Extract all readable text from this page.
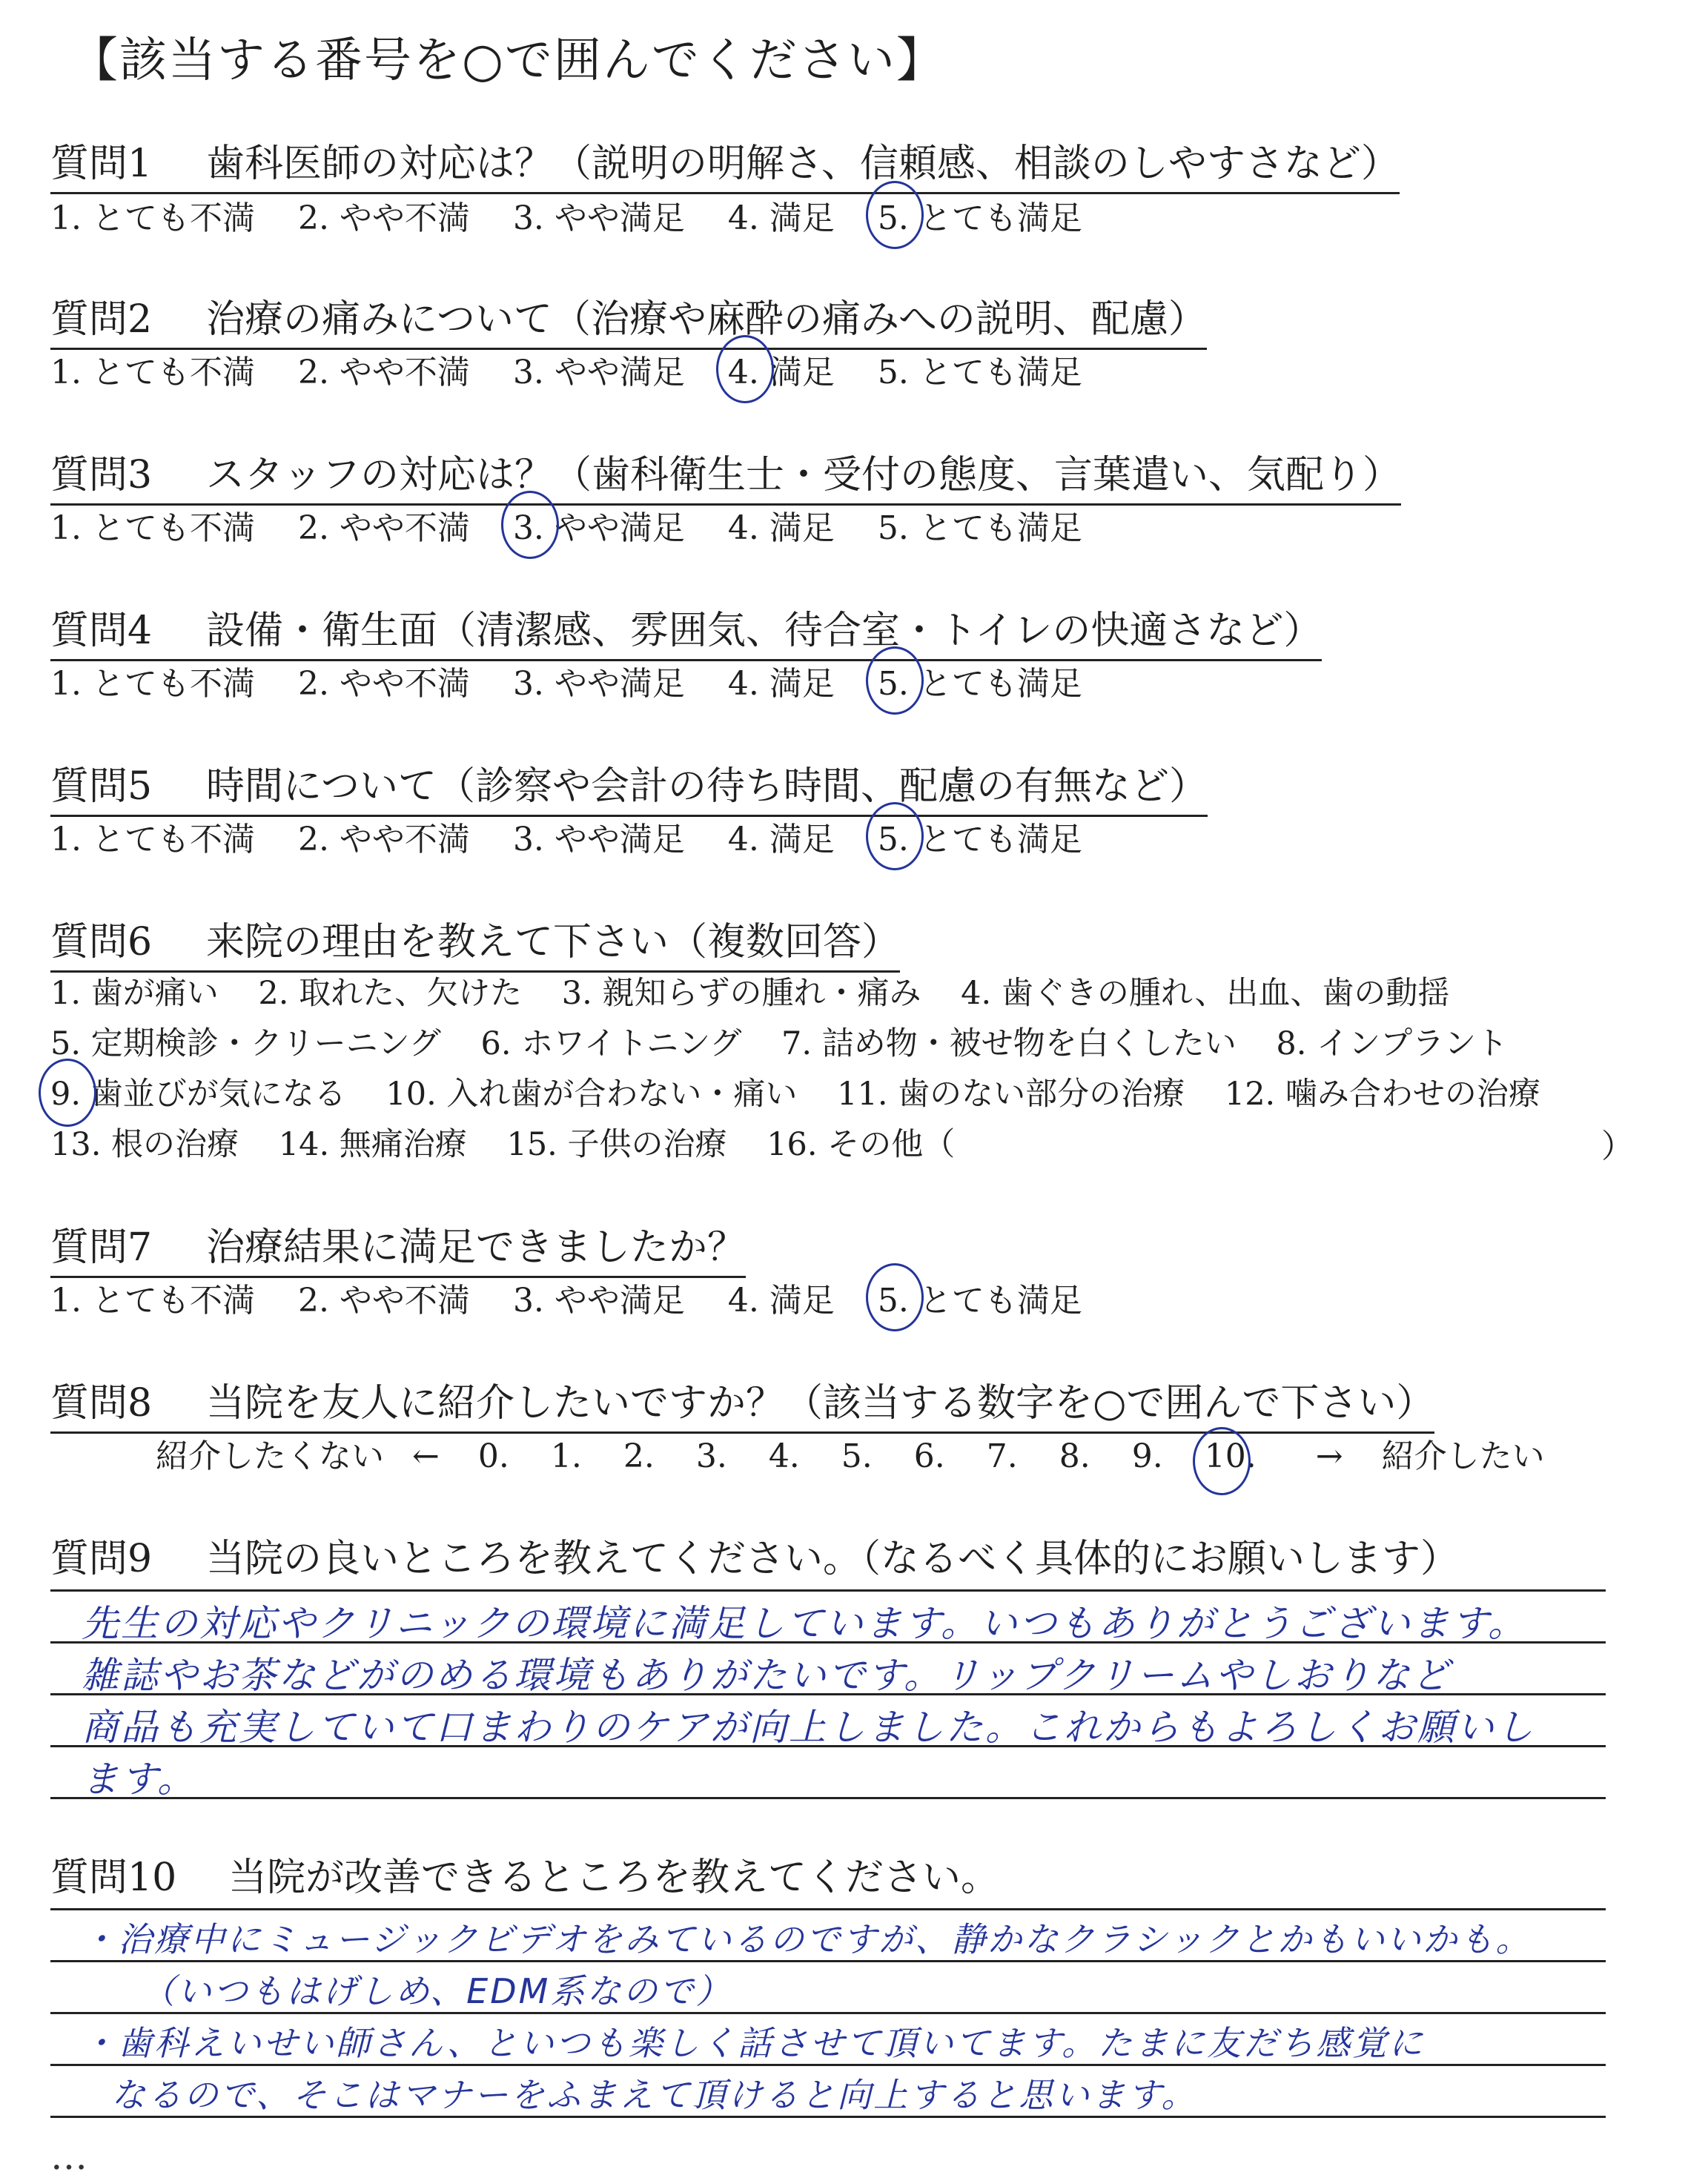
【該当する番号を○で囲んでください】
質問1 歯科医師の対応は？（説明の明解さ、信頼感、相談のしやすさなど）
1. とても不満 2. やや不満 3. やや満足 4. 満足 5. とても満足
質問2 治療の痛みについて（治療や麻酔の痛みへの説明、配慮）
1. とても不満 2. やや不満 3. やや満足 4. 満足 5. とても満足
質問3 スタッフの対応は？（歯科衛生士・受付の態度、言葉遣い、気配り）
1. とても不満 2. やや不満 3. やや満足 4. 満足 5. とても満足
質問4 設備・衛生面（清潔感、雰囲気、待合室・トイレの快適さなど）
1. とても不満 2. やや不満 3. やや満足 4. 満足 5. とても満足
質問5 時間について（診察や会計の待ち時間、配慮の有無など）
1. とても不満 2. やや不満 3. やや満足 4. 満足 5. とても満足
質問6 来院の理由を教えて下さい（複数回答）
1. 歯が痛い 2. 取れた、欠けた 3. 親知らずの腫れ・痛み 4. 歯ぐきの腫れ、出血、歯の動揺
5. 定期検診・クリーニング 6. ホワイトニング 7. 詰め物・被せ物を白くしたい 8. インプラント
9. 歯並びが気になる 10. 入れ歯が合わない・痛い 11. 歯のない部分の治療 12. 噛み合わせの治療
13. 根の治療 14. 無痛治療 15. 子供の治療 16. その他（	）
質問7 治療結果に満足できましたか？
1. とても不満 2. やや不満 3. やや満足 4. 満足 5. とても満足
質問8 当院を友人に紹介したいですか？（該当する数字を○で囲んで下さい）
紹介したくない ← 0. 1. 2. 3. 4. 5. 6. 7. 8. 9. 10. → 紹介したい
質問9 当院の良いところを教えてください。（なるべく具体的にお願いします）
先生の対応やクリニックの環境に満足しています。いつもありがとうございます。
雑誌やお茶などがのめる環境もありがたいです。リップクリームやしおりなど
商品も充実していて口まわりのケアが向上しました。これからもよろしくお願いし
ます。
質問10 当院が改善できるところを教えてください。
・治療中にミュージックビデオをみているのですが、静かなクラシックとかもいいかも。
（いつもはげしめ、EDM系なので）
・歯科えいせい師さん、といつも楽しく話させて頂いてます。たまに友だち感覚に
なるので、そこはマナーをふまえて頂けると向上すると思います。
…
